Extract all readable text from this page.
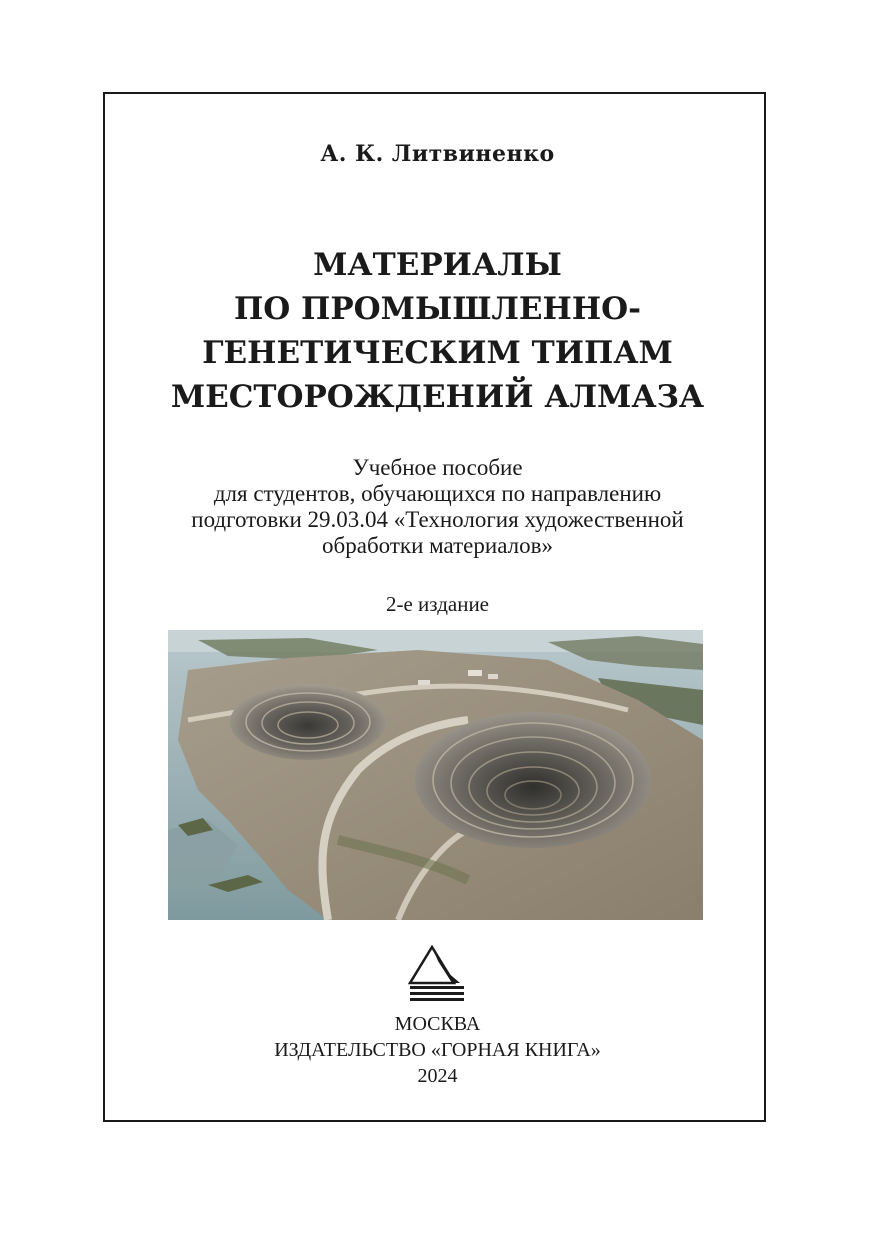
А. К. Литвиненко
МАТЕРИАЛЫ
ПО ПРОМЫШЛЕННО-
ГЕНЕТИЧЕСКИМ ТИПАМ
МЕСТОРОЖДЕНИЙ АЛМАЗА
Учебное пособие
для студентов, обучающихся по направлению
подготовки 29.03.04 «Технология художественной
обработки материалов»
2-е издание
МОСКВА
ИЗДАТЕЛЬСТВО «ГОРНАЯ КНИГА»
2024
